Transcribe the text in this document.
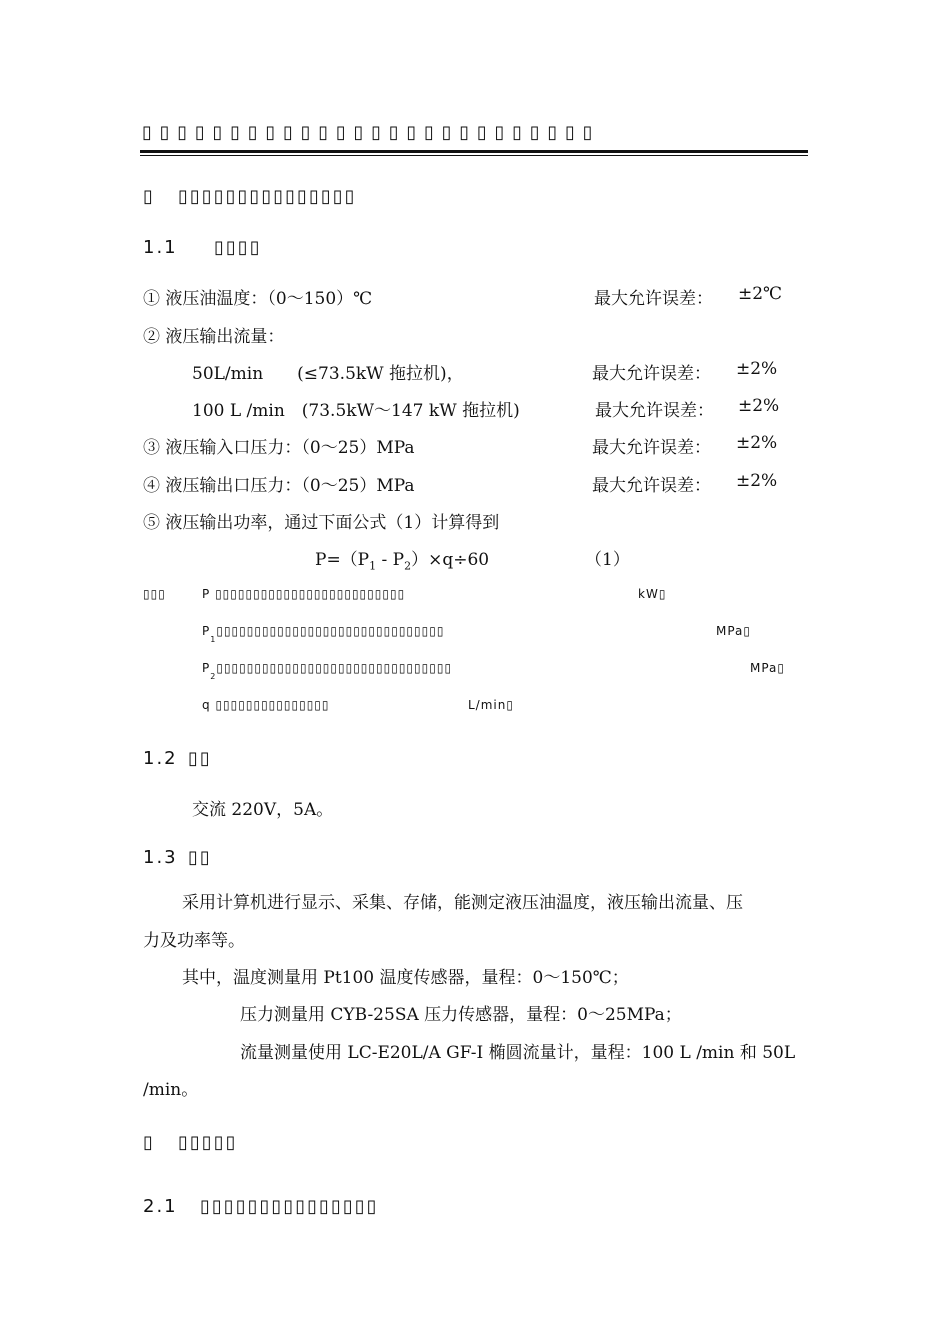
▯ ▯ ▯ ▯ ▯ ▯ ▯ ▯ ▯ ▯ ▯ ▯ ▯ ▯ ▯ ▯ ▯ ▯ ▯ ▯ ▯ ▯ ▯ ▯ ▯ ▯
▯ ▯▯▯▯▯▯▯▯▯▯▯▯▯▯▯
1.1 ▯▯▯▯
① 液压油温度：（0～150）℃	最大允许误差： ±2℃
② 液压输出流量：
50L/min　　(≤73.5kW 拖拉机)，	最大允许误差： ±2%
100 L /min　(73.5kW～147 kW 拖拉机)	最大允许误差： ±2%
③ 液压输入口压力：（0～25）MPa	最大允许误差： ±2%
④ 液压输出口压力：（0～25）MPa	最大允许误差： ±2%
⑤ 液压输出功率，通过下面公式（1）计算得到
$P=(P_1 - P_2)\times q\div 60$	（1）
▯▯▯	P ▯▯▯▯▯▯▯▯▯▯▯▯▯▯▯▯▯▯▯▯▯▯▯▯▯	kW▯
$P_1▯▯▯▯▯▯▯▯▯▯▯▯▯▯▯▯▯▯▯▯▯▯▯▯▯▯▯▯▯▯$	MPa▯
$P_2▯▯▯▯▯▯▯▯▯▯▯▯▯▯▯▯▯▯▯▯▯▯▯▯▯▯▯▯▯▯▯$	MPa▯
q ▯▯▯▯▯▯▯▯▯▯▯▯▯▯▯	L/min▯
1.2 ▯▯
交流 220V，5A。
1.3 ▯▯
采用计算机进行显示、采集、存储，能测定液压油温度，液压输出流量、压
力及功率等。
其中，温度测量用 Pt100 温度传感器，量程：0～150℃；
压力测量用 CYB-25SA 压力传感器，量程：0～25MPa；
流量测量使用 LC-E20L/A GF-I 椭圆流量计，量程：100 L /min 和 50L
/min。
▯ ▯▯▯▯▯
2.1 ▯▯▯▯▯▯▯▯▯▯▯▯▯▯▯
